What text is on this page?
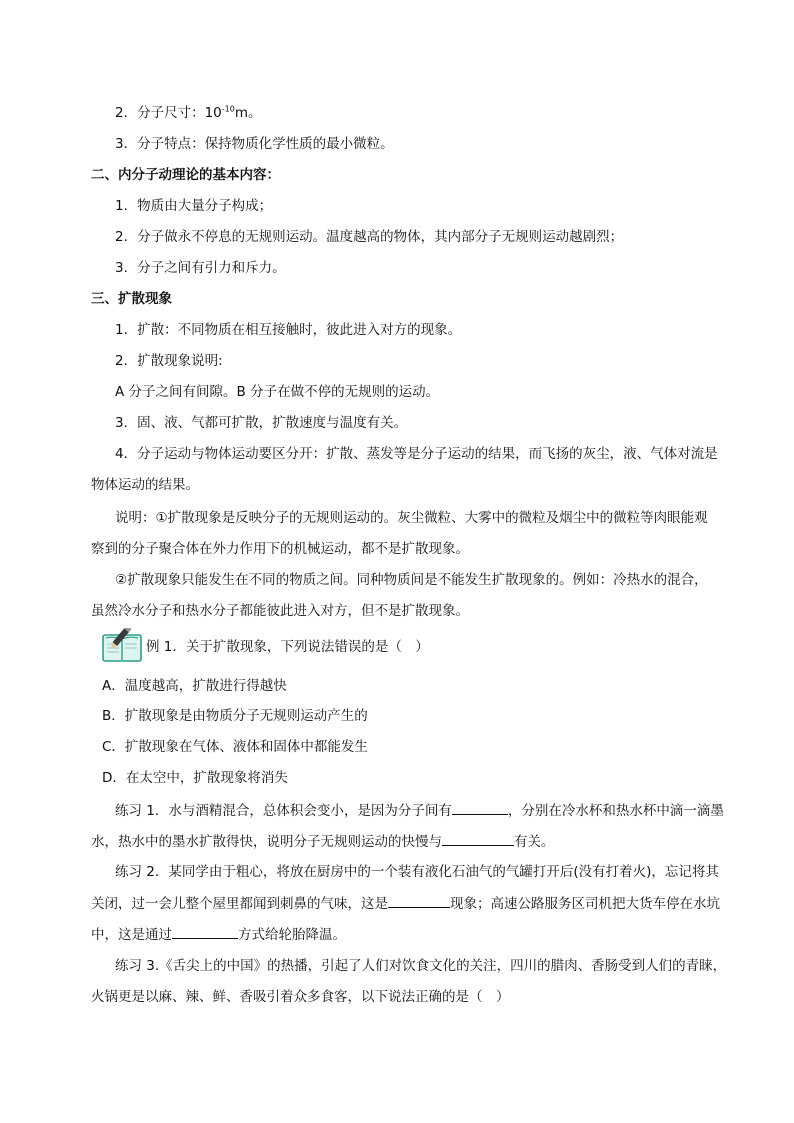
2．分子尺寸：$10^{-10}m$。
3．分子特点：保持物质化学性质的最小微粒。
二、内分子动理论的基本内容：
1．物质由大量分子构成；
2．分子做永不停息的无规则运动。温度越高的物体，其内部分子无规则运动越剧烈；
3．分子之间有引力和斥力。
三、扩散现象
1．扩散：不同物质在相互接触时，彼此进入对方的现象。
2．扩散现象说明:
A 分子之间有间隙。B 分子在做不停的无规则的运动。
3．固、液、气都可扩散，扩散速度与温度有关。
4．分子运动与物体运动要区分开：扩散、蒸发等是分子运动的结果，而飞扬的灰尘，液、气体对流是
物体运动的结果。
说明：①扩散现象是反映分子的无规则运动的。灰尘微粒、大雾中的微粒及烟尘中的微粒等肉眼能观
察到的分子聚合体在外力作用下的机械运动，都不是扩散现象。
②扩散现象只能发生在不同的物质之间。同种物质间是不能发生扩散现象的。例如：冷热水的混合，
虽然冷水分子和热水分子都能彼此进入对方，但不是扩散现象。
例 1．关于扩散现象，下列说法错误的是（　）
A．温度越高，扩散进行得越快
B．扩散现象是由物质分子无规则运动产生的
C．扩散现象在气体、液体和固体中都能发生
D．在太空中，扩散现象将消失
练习 1．水与酒精混合，总体积会变小，是因为分子间有	，分别在冷水杯和热水杯中滴一滴墨
水，热水中的墨水扩散得快，说明分子无规则运动的快慢与	有关。
练习 2．某同学由于粗心，将放在厨房中的一个装有液化石油气的气罐打开后(没有打着火)，忘记将其
关闭，过一会儿整个屋里都闻到刺鼻的气味，这是	现象；高速公路服务区司机把大货车停在水坑
中，这是通过	方式给轮胎降温。
练习 3.《舌尖上的中国》的热播，引起了人们对饮食文化的关注，四川的腊肉、香肠受到人们的青睐，
火锅更是以麻、辣、鲜、香吸引着众多食客，以下说法正确的是（　）
